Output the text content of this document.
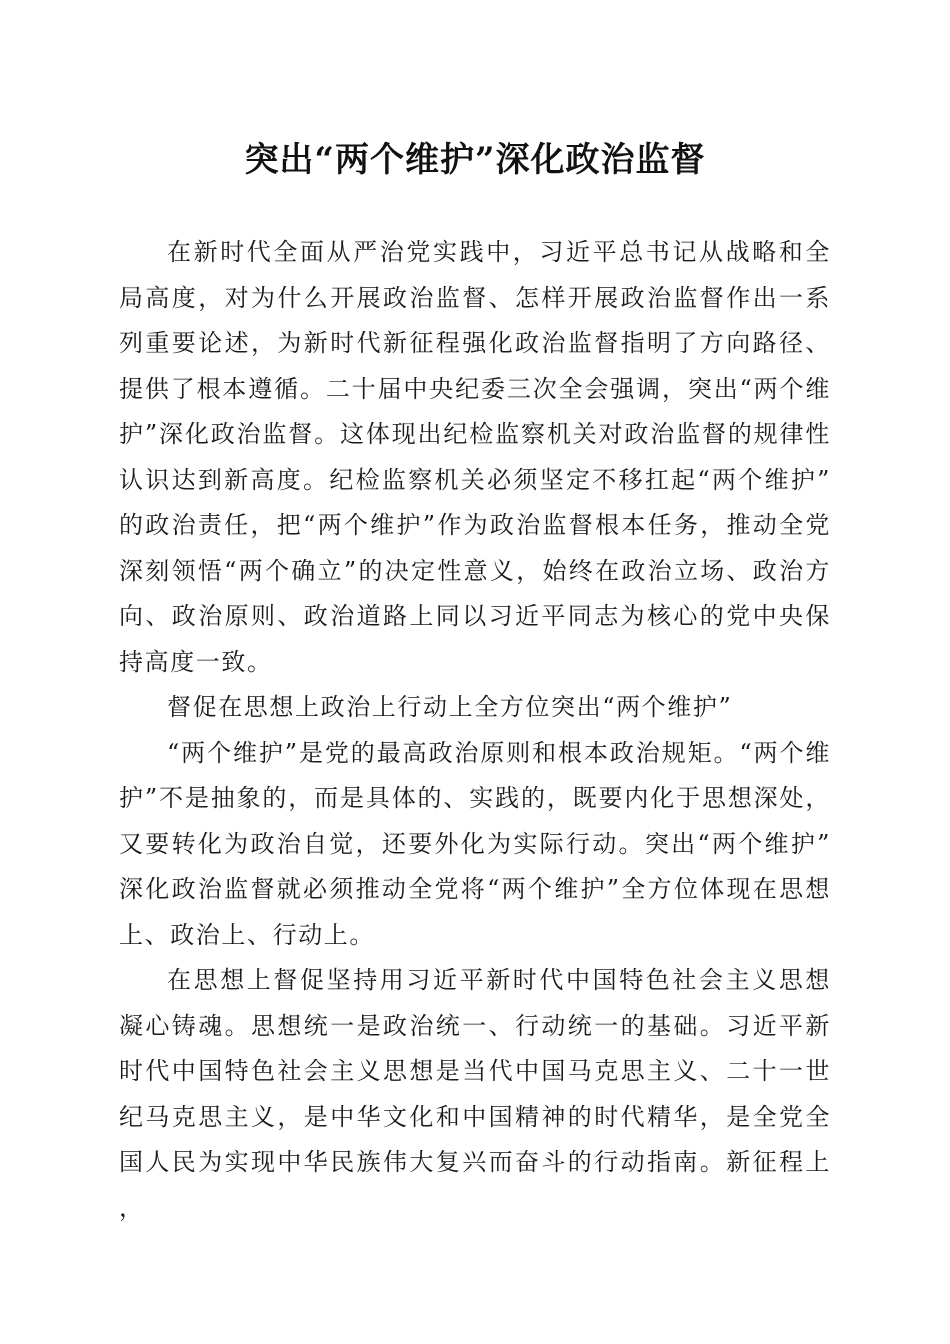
突出“两个维护”深化政治监督

在新时代全面从严治党实践中，习近平总书记从战略和全局高度，对为什么开展政治监督、怎样开展政治监督作出一系列重要论述，为新时代新征程强化政治监督指明了方向路径、提供了根本遵循。二十届中央纪委三次全会强调，突出“两个维护”深化政治监督。这体现出纪检监察机关对政治监督的规律性认识达到新高度。纪检监察机关必须坚定不移扛起“两个维护”的政治责任，把“两个维护”作为政治监督根本任务，推动全党深刻领悟“两个确立”的决定性意义，始终在政治立场、政治方向、政治原则、政治道路上同以习近平同志为核心的党中央保持高度一致。

督促在思想上政治上行动上全方位突出“两个维护”

“两个维护”是党的最高政治原则和根本政治规矩。“两个维护”不是抽象的，而是具体的、实践的，既要内化于思想深处，又要转化为政治自觉，还要外化为实际行动。突出“两个维护”深化政治监督就必须推动全党将“两个维护”全方位体现在思想上、政治上、行动上。

在思想上督促坚持用习近平新时代中国特色社会主义思想凝心铸魂。思想统一是政治统一、行动统一的基础。习近平新时代中国特色社会主义思想是当代中国马克思主义、二十一世纪马克思主义，是中华文化和中国精神的时代精华，是全党全国人民为实现中华民族伟大复兴而奋斗的行动指南。新征程上，
